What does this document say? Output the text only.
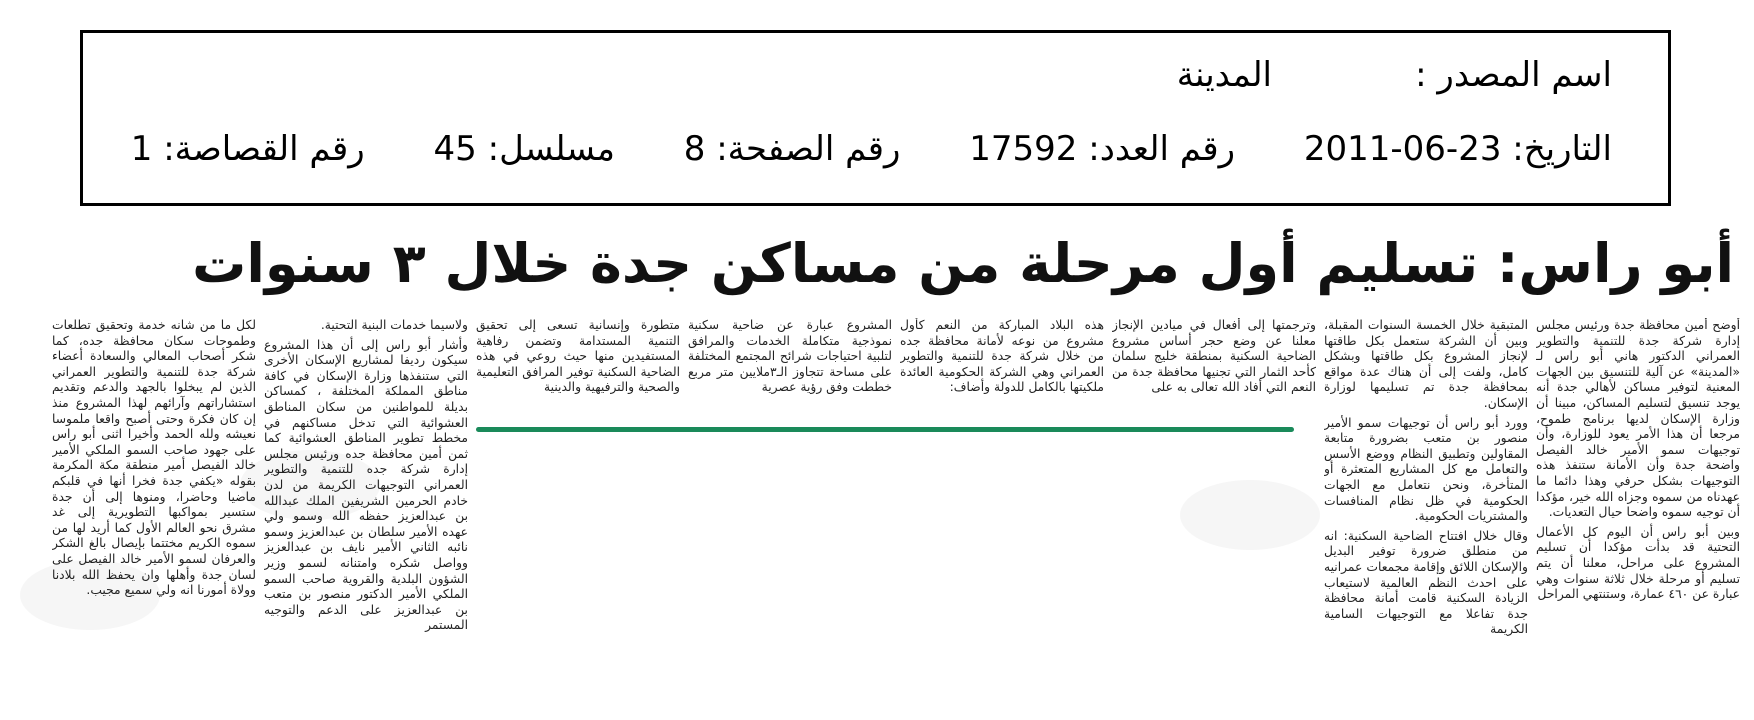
اسم المصدر :
المدينة
التاريخ: 23-06-2011 رقم العدد: 17592 رقم الصفحة: 8 مسلسل: 45 رقم القصاصة: 1
أبو راس: تسليم أول مرحلة من مساكن جدة خلال ٣ سنوات

أوضح أمين محافظة جدة ورئيس مجلس إدارة شركة جدة للتنمية والتطوير العمراني الدكتور هاني أبو راس لـ «المدينة» عن آلية للتنسيق بين الجهات المعنية لتوفير مساكن لأهالي جدة أنه يوجد تنسيق لتسليم المساكن، مبينا أن وزارة الإسكان لديها برنامج طموح، مرجعا أن هذا الأمر يعود للوزارة، وأن توجيهات سمو الأمير خالد الفيصل واضحة جدة وأن الأمانة ستنفذ هذه التوجيهات بشكل حرفي وهذا دائما ما عهدناه من سموه وجزاه الله خير، مؤكدا أن توجيه سموه واضحا حيال التعديات.

وبين أبو راس أن اليوم كل الأعمال التحتية قد بدأت مؤكدا أن تسليم المشروع على مراحل، معلنا أن يتم تسليم أو مرحلة خلال ثلاثة سنوات وهي عبارة عن ٤٦٠ عمارة، وستنتهي المراحل

المتبقية خلال الخمسة السنوات المقبلة، وبين أن الشركة ستعمل بكل طاقتها لإنجاز المشروع بكل طاقتها وبشكل كامل، ولفت إلى أن هناك عدة مواقع بمحافظة جدة تم تسليمها لوزارة الإسكان.

وورد أبو راس أن توجيهات سمو الأمير منصور بن متعب بضرورة متابعة المقاولين وتطبيق النظام ووضع الأسس والتعامل مع كل المشاريع المتعثرة أو المتأخرة، ونحن نتعامل مع الجهات الحكومية في ظل نظام المنافسات والمشتريات الحكومية.

وقال خلال افتتاح الضاحية السكنية: انه من منطلق ضرورة توفير البديل والإسكان اللائق وإقامة مجمعات عمرانيه على احدث النظم العالمية لاستيعاب الزيادة السكنية قامت أمانة محافظة جدة تفاعلا مع التوجيهات السامية الكريمة

وترجمتها إلى أفعال في ميادين الإنجاز معلنا عن وضع حجر أساس مشروع الضاحية السكنية بمنطقة خليج سلمان كأحد الثمار التي تجنيها محافظة جدة من النعم التي أفاد الله تعالى به على

هذه البلاد المباركة من النعم كأول مشروع من نوعه لأمانة محافظة جده من خلال شركة جدة للتنمية والتطوير العمراني وهي الشركة الحكومية العائدة ملكيتها بالكامل للدولة وأضاف:

المشروع عبارة عن ضاحية سكنية نموذجية متكاملة الخدمات والمرافق لتلبية احتياجات شرائح المجتمع المختلفة على مساحة تتجاوز الـ٣ملايين متر مربع خططت وفق رؤية عصرية

متطورة وإنسانية تسعى إلى تحقيق التنمية المستدامة وتضمن رفاهية المستفيدين منها حيث روعي في هذه الضاحية السكنية توفير المرافق التعليمية والصحية والترفيهية والدينية

ولاسيما خدمات البنية التحتية.

وأشار أبو راس إلى أن هذا المشروع سيكون رديفا لمشاريع الإسكان الأخرى التي ستنفذها وزارة الإسكان في كافة مناطق المملكة المختلفة ، كمساكن بديلة للمواطنين من سكان المناطق العشوائية التي تدخل مساكنهم في مخطط تطوير المناطق العشوائية كما ثمن أمين محافظة جده ورئيس مجلس إدارة شركة جده للتنمية والتطوير العمراني التوجيهات الكريمة من لدن خادم الحرمين الشريفين الملك عبدالله بن عبدالعزيز حفظه الله وسمو ولي عهده الأمير سلطان بن عبدالعزيز وسمو نائبه الثاني الأمير نايف بن عبدالعزيز وواصل شكره وامتنانه لسمو وزير الشؤون البلدية والقروية صاحب السمو الملكي الأمير الدكتور منصور بن متعب بن عبدالعزيز على الدعم والتوجيه المستمر

لكل ما من شانه خدمة وتحقيق تطلعات وطموحات سكان محافظة جده، كما شكر أصحاب المعالي والسعادة أعضاء شركة جدة للتنمية والتطوير العمراني الذين لم يبخلوا بالجهد والدعم وتقديم استشاراتهم وآرائهم لهذا المشروع منذ إن كان فكرة وحتى أصبح واقعا ملموسا نعيشه ولله الحمد وأخيرا اثنى أبو راس على جهود صاحب السمو الملكي الأمير خالد الفيصل أمير منطقة مكة المكرمة بقوله «يكفي جدة فخرا أنها في قلبكم ماضيا وحاضرا، ومنوها إلى أن جدة ستسير بمواكبها التطويرية إلى غد مشرق نحو العالم الأول كما أريد لها من سموه الكريم مختتما بإيصال بالغ الشكر والعرفان لسمو الأمير خالد الفيصل على لسان جدة وأهلها وان يحفظ الله بلادنا وولاة أمورنا انه ولي سميع مجيب.
